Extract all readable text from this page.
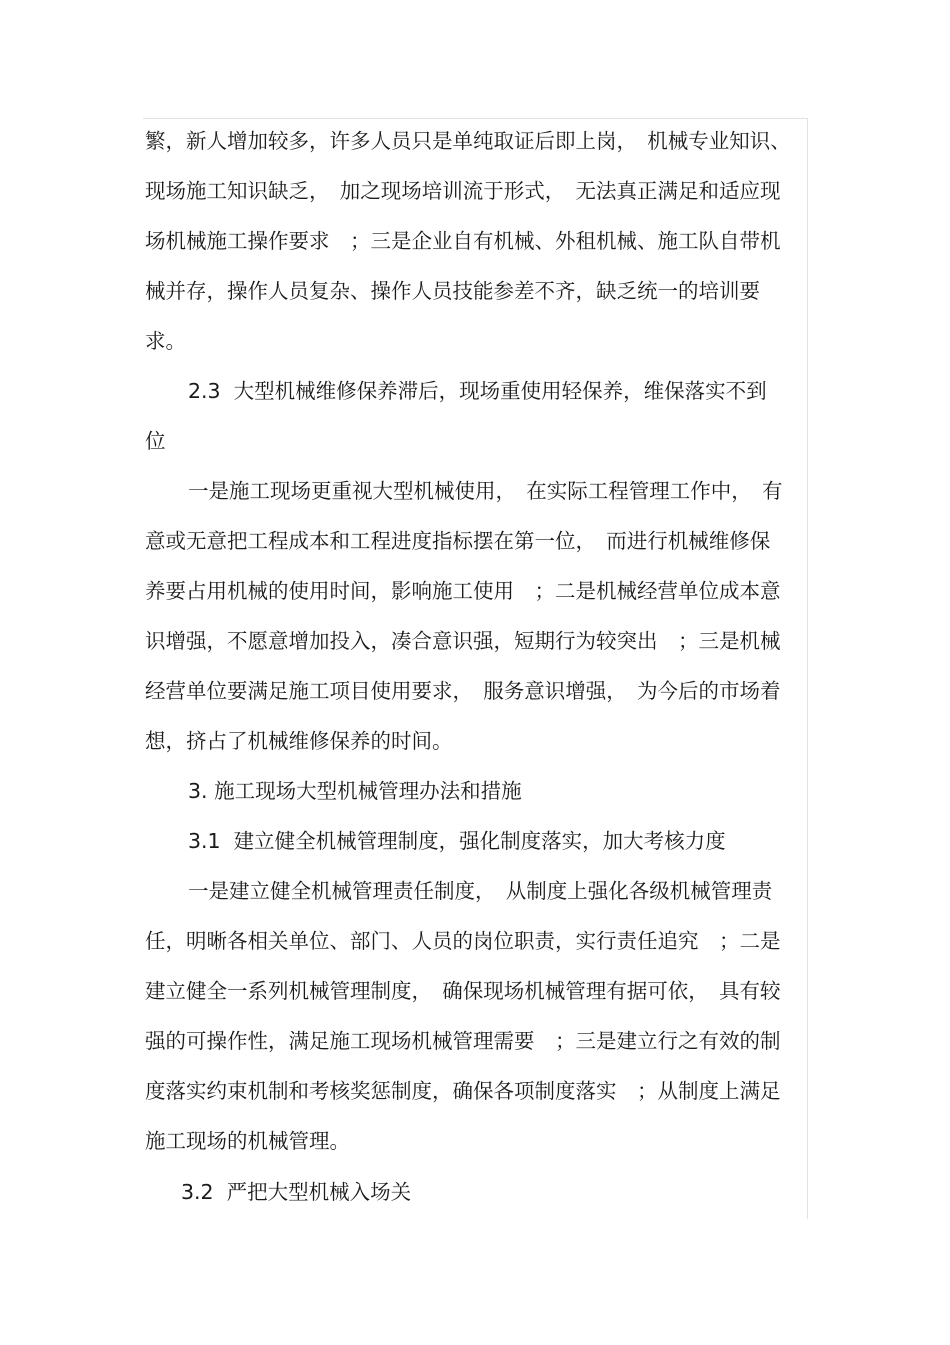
繁，新人增加较多，许多人员只是单纯取证后即上岗，　机械专业知识、
现场施工知识缺乏，　加之现场培训流于形式，　无法真正满足和适应现
场机械施工操作要求　；三是企业自有机械、外租机械、施工队自带机
械并存，操作人员复杂、操作人员技能参差不齐，缺乏统一的培训要
求。
2.3  大型机械维修保养滞后，现场重使用轻保养，维保落实不到
位
一是施工现场更重视大型机械使用，　在实际工程管理工作中，　有
意或无意把工程成本和工程进度指标摆在第一位，　而进行机械维修保
养要占用机械的使用时间，影响施工使用　；二是机械经营单位成本意
识增强，不愿意增加投入，凑合意识强，短期行为较突出　；三是机械
经营单位要满足施工项目使用要求，　服务意识增强，　为今后的市场着
想，挤占了机械维修保养的时间。
3. 施工现场大型机械管理办法和措施
3.1  建立健全机械管理制度，强化制度落实，加大考核力度
一是建立健全机械管理责任制度，　从制度上强化各级机械管理责
任，明晰各相关单位、部门、人员的岗位职责，实行责任追究　；二是
建立健全一系列机械管理制度，　确保现场机械管理有据可依，　具有较
强的可操作性，满足施工现场机械管理需要　；三是建立行之有效的制
度落实约束机制和考核奖惩制度，确保各项制度落实　；从制度上满足
施工现场的机械管理。
3.2  严把大型机械入场关
